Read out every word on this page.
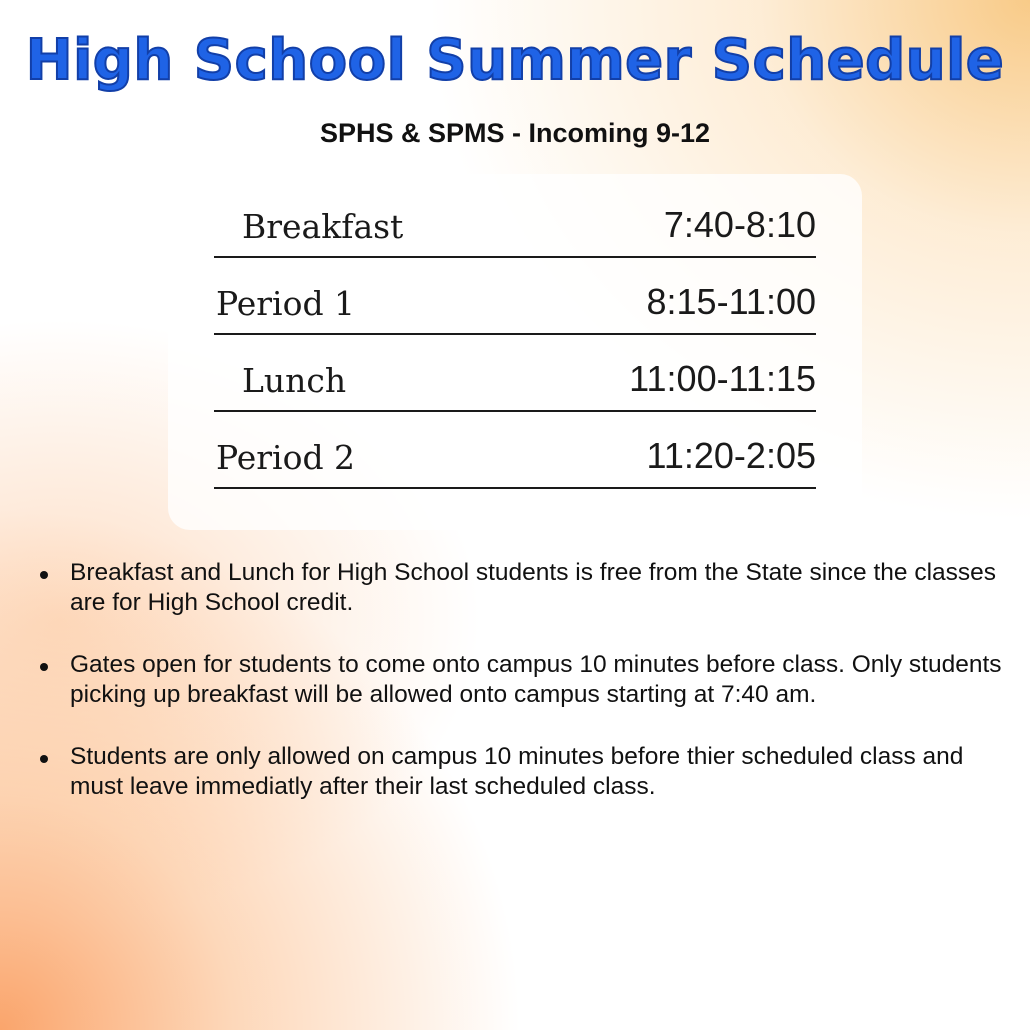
High School Summer Schedule

SPHS & SPMS - Incoming 9-12

Breakfast	7:40-8:10
Period 1	8:15-11:00
Lunch	11:00-11:15
Period 2	11:20-2:05
Breakfast and Lunch for High School students is free from the State since the classes are for High School credit.
Gates open for students to come onto campus 10 minutes before class. Only students picking up breakfast will be allowed onto campus starting at 7:40 am.
Students are only allowed on campus 10 minutes before thier scheduled class and must leave immediatly after their last scheduled class.
